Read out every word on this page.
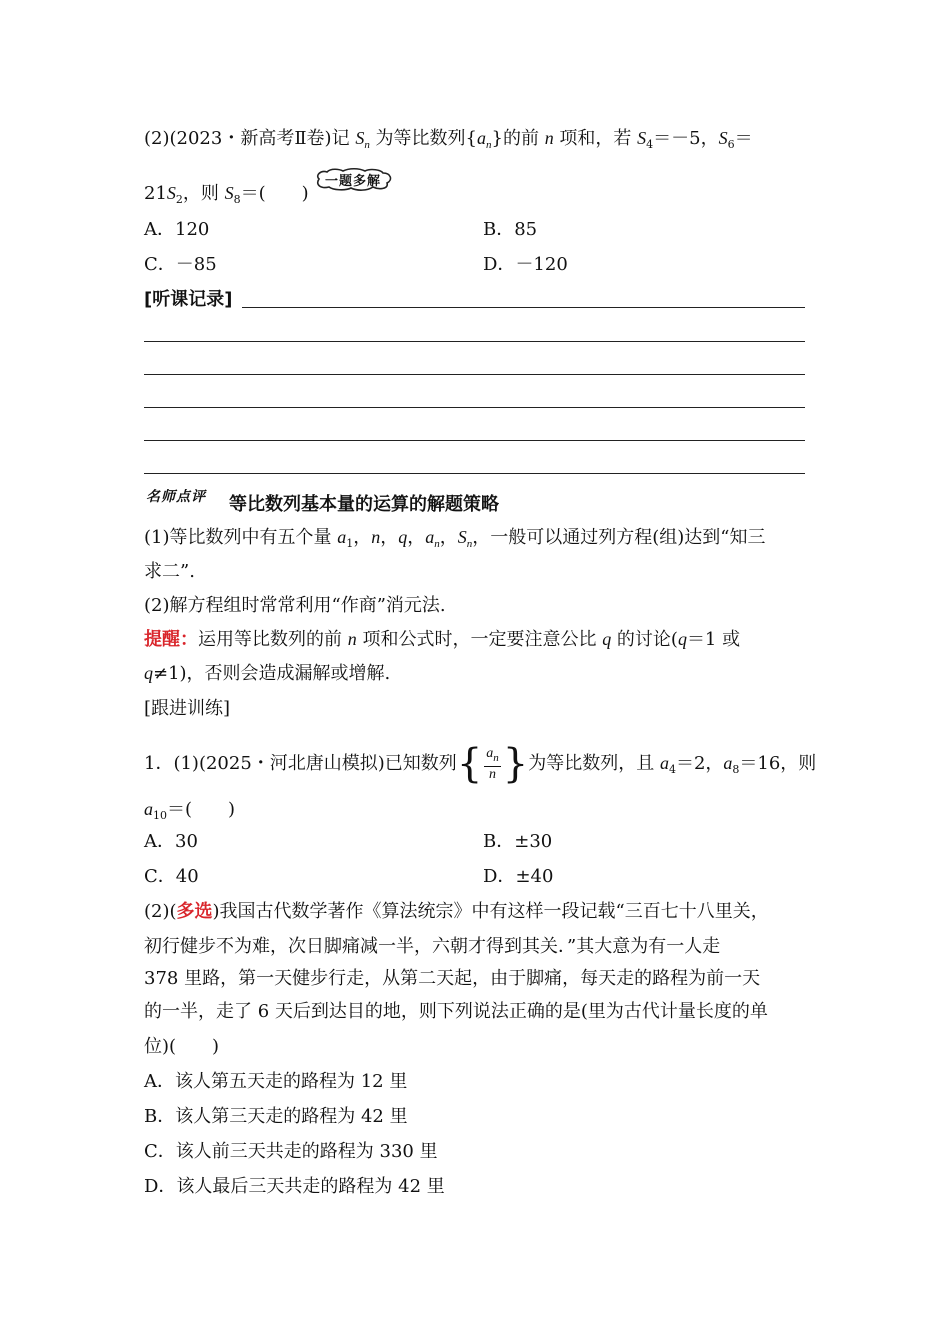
(2)(2023・新高考Ⅱ卷)记 $S_n$ 为等比数列$\{a_n\}$的前 n 项和，若 $S_4=-5$，$S_6=$
$21S_2$，则 $S_8=$(　　)
一题多解
A．120	B．85
C．－85	D．－120
[听课记录]
名师点评 等比数列基本量的运算的解题策略
(1)等比数列中有五个量 $a_1$，n，q，$a_n$，$S_n$，一般可以通过列方程(组)达到“知三
求二”.
(2)解方程组时常常利用“作商”消元法.
提醒：运用等比数列的前 n 项和公式时，一定要注意公比 q 的讨论(q＝1 或
q≠1)，否则会造成漏解或增解.
[跟进训练]
1．(1)(2025・河北唐山模拟)已知数列{ $\frac{a_n}{n}$ }为等比数列，且 $a_4=2$，$a_8=16$，则
$a_{10}=$(　　)
A．30	B．±30
C．40	D．±40
(2)(多选)我国古代数学著作《算法统宗》中有这样一段记载“三百七十八里关，
初行健步不为难，次日脚痛减一半，六朝才得到其关．”其大意为有一人走
378 里路，第一天健步行走，从第二天起，由于脚痛，每天走的路程为前一天
的一半，走了 6 天后到达目的地，则下列说法正确的是(里为古代计量长度的单
位)(　　)
A．该人第五天走的路程为 12 里
B．该人第三天走的路程为 42 里
C．该人前三天共走的路程为 330 里
D．该人最后三天共走的路程为 42 里
